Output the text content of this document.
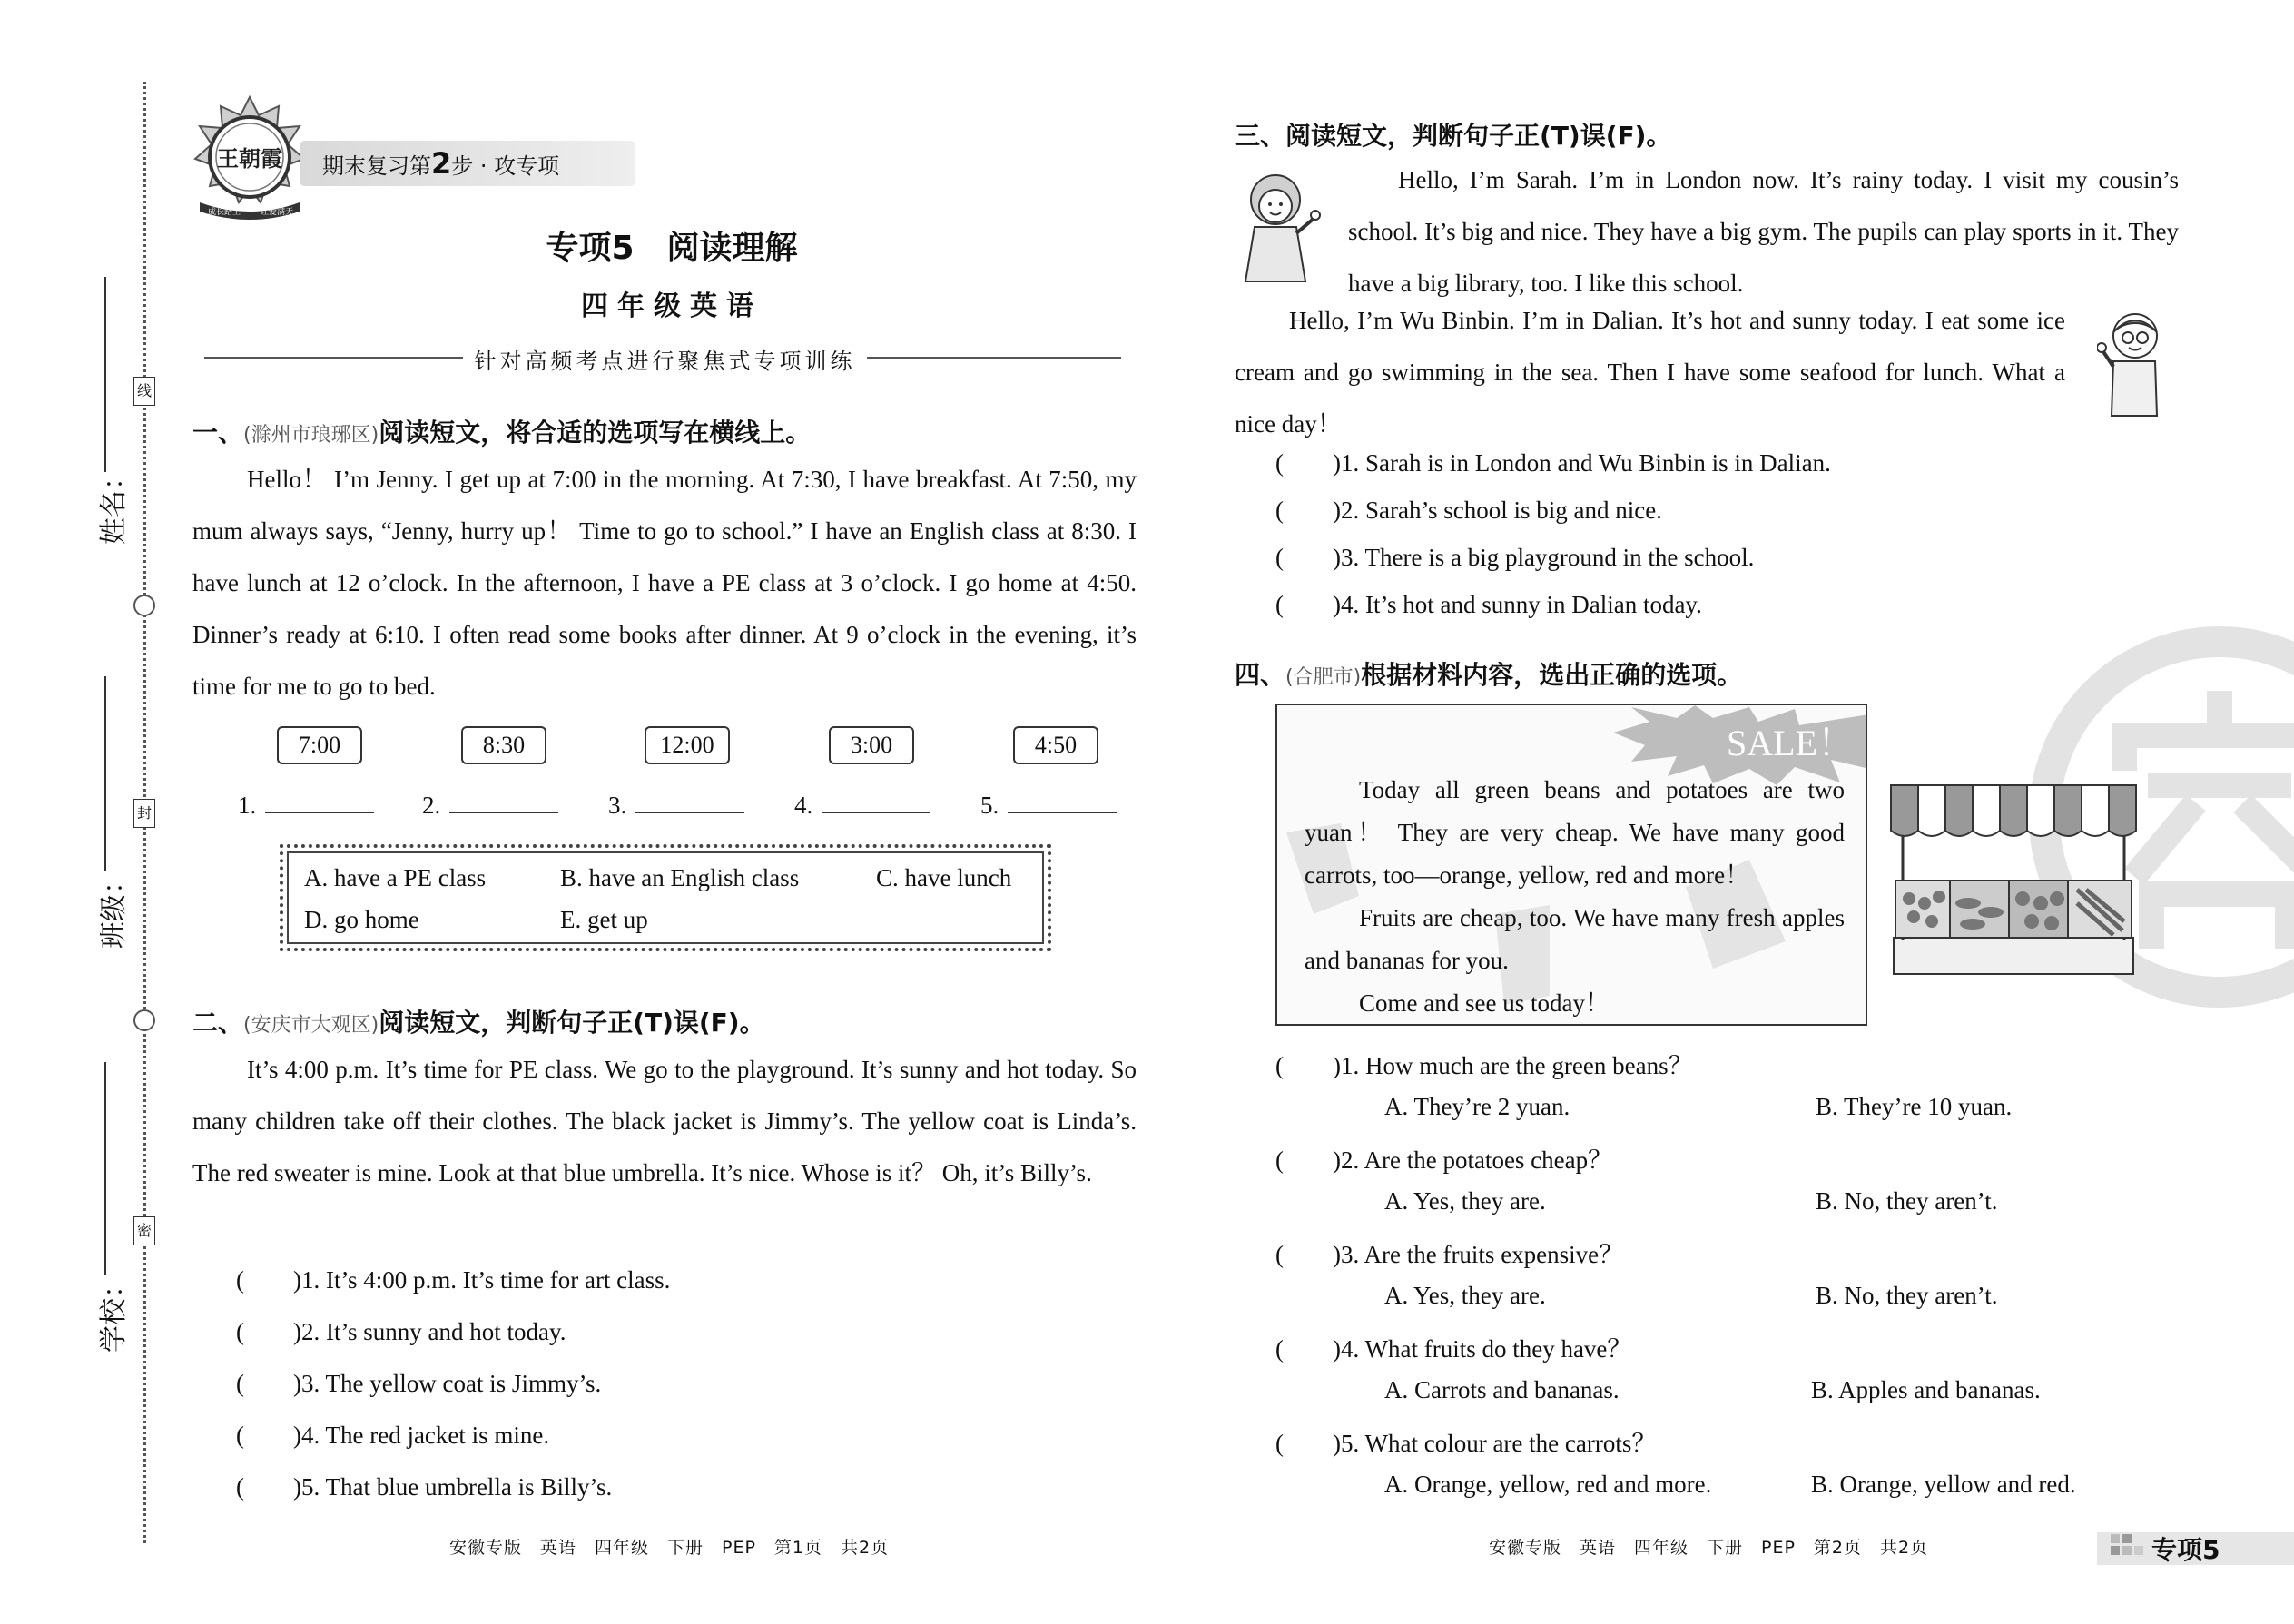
姓名：
班级：
学校：
线
封
密
王朝霞
成长路上 让爱满天
期末复习第2步 · 攻专项
专项5　阅读理解
四年级英语
针对高频考点进行聚焦式专项训练
一、(滁州市琅琊区)阅读短文，将合适的选项写在横线上。

Hello！ I’m Jenny. I get up at 7:00 in the morning. At 7:30, I have breakfast. At 7:50, my mum always says, “Jenny, hurry up！ Time to go to school.” I have an English class at 8:30. I have lunch at 12 o’clock. In the afternoon, I have a PE class at 3 o’clock. I go home at 4:50. Dinner’s ready at 6:10. I often read some books after dinner. At 9 o’clock in the evening, it’s time for me to go to bed.

7:00	8:30	12:00	3:00	4:50
1.	2.	3.	4.	5.
A. have a PE class	B. have an English class	C. have lunch
D. go home	E. get up
二、(安庆市大观区)阅读短文，判断句子正(T)误(F)。

It’s 4:00 p.m. It’s time for PE class. We go to the playground. It’s sunny and hot today. So many children take off their clothes. The black jacket is Jimmy’s. The yellow coat is Linda’s. The red sweater is mine. Look at that blue umbrella. It’s nice. Whose is it？ Oh, it’s Billy’s.

(　　)1. It’s 4:00 p.m. It’s time for art class.
(　　)2. It’s sunny and hot today.
(　　)3. The yellow coat is Jimmy’s.
(　　)4. The red jacket is mine.
(　　)5. That blue umbrella is Billy’s.
安徽专版　英语　四年级　下册　PEP　第1页　共2页
三、阅读短文，判断句子正(T)误(F)。

Hello, I’m Sarah. I’m in London now. It’s rainy today. I visit my cousin’s school. It’s big and nice. They have a big gym. The pupils can play sports in it. They have a big library, too. I like this school.

Hello, I’m Wu Binbin. I’m in Dalian. It’s hot and sunny today. I eat some ice cream and go swimming in the sea. Then I have some seafood for lunch. What a nice day！

(　　)1. Sarah is in London and Wu Binbin is in Dalian.
(　　)2. Sarah’s school is big and nice.
(　　)3. There is a big playground in the school.
(　　)4. It’s hot and sunny in Dalian today.
四、(合肥市)根据材料内容，选出正确的选项。
SALE！
Today all green beans and potatoes are two yuan！ They are very cheap. We have many good carrots, too—orange, yellow, red and more！
Fruits are cheap, too. We have many fresh apples and bananas for you.
Come and see us today！
(　　)1. How much are the green beans？
A. They’re 2 yuan.	B. They’re 10 yuan.
(　　)2. Are the potatoes cheap？
A. Yes, they are.	B. No, they aren’t.
(　　)3. Are the fruits expensive？
A. Yes, they are.	B. No, they aren’t.
(　　)4. What fruits do they have？
A. Carrots and bananas.	B. Apples and bananas.
(　　)5. What colour are the carrots？
A. Orange, yellow, red and more.	B. Orange, yellow and red.
安徽专版　英语　四年级　下册　PEP　第2页　共2页	专项5
